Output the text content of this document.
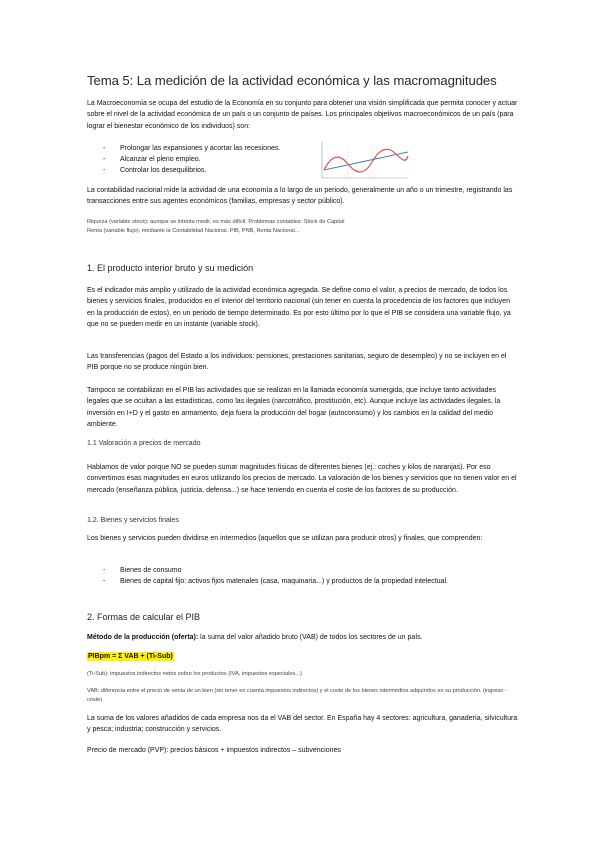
Tema 5: La medición de la actividad económica y las macromagnitudes

La Macroeconomía se ocupa del estudio de la Economía en su conjunto para obtener una visión simplificada que permita conocer y actuar sobre el nivel de la actividad económica de un país o un conjunto de países. Los principales objetivos macroeconómicos de un país (para lograr el bienestar económico de los individuos) son:

- Prolongar las expansiones y acortar las recesiones.
- Alcanzar el pleno empleo.
- Controlar los desequilibrios.

La contabilidad nacional mide la actividad de una economía a lo largo de un periodo, generalmente un año o un trimestre, registrando las transacciones entre sus agentes económicos (familias, empresas y sector público).

Riqueza (variable stock): aunque se intenta medir, es más difícil. Problemas contables: Stock de Capital

Renta (variable flujo): mediante la Contabilidad Nacional. PIB, PNB, Renta Nacional...

1. El producto interior bruto y su medición

Es el indicador más amplio y utilizado de la actividad económica agregada. Se define como el valor, a precios de mercado, de todos los bienes y servicios finales, producidos en el interior del territorio nacional (sin tener en cuenta la procedencia de los factores que incluyen en la producción de estos), en un periodo de tiempo determinado. Es por esto último por lo que el PIB se considera una variable flujo, ya que no se pueden medir en un instante (variable stock).

Las transferencias (pagos del Estado a los individuos: pensiones, prestaciones sanitarias, seguro de desempleo) y no se incluyen en el PIB porque no se produce ningún bien.

Tampoco se contabilizan en el PIB las actividades que se realizan en la llamada economía sumergida, que incluye tanto actividades legales que se ocultan a las estadísticas, como las ilegales (narcotráfico, prostitución, etc). Aunque incluye las actividades ilegales, la inversión en I+D y el gasto en armamento, deja fuera la producción del hogar (autoconsumo) y los cambios en la calidad del medio ambiente.

1.1 Valoración a precios de mercado

Hablamos de valor porque NO se pueden sumar magnitudes físicas de diferentes bienes (ej.: coches y kilos de naranjas). Por eso convertimos esas magnitudes en euros utilizando los precios de mercado. La valoración de los bienes y servicios que no tienen valor en el mercado (enseñanza pública, justicia, defensa...) se hace teniendo en cuenta el coste de los factores de su producción.

1.2. Bienes y servicios finales

Los bienes y servicios pueden dividirse en intermedios (aquellos que se utilizan para producir otros) y finales, que comprenden:

- Bienes de consumo
- Bienes de capital fijo: activos fijos materiales (casa, maquinaria...) y productos de la propiedad intelectual.
2. Formas de calcular el PIB

Método de la producción (oferta): la suma del valor añadido bruto (VAB) de todos los sectores de un país.

PIBpm = Σ VAB + (Ti-Sub)

(Ti-Sub): impuestos indirectos netos sobre los productos (IVA, impuestos especiales...)

VAB: diferencia entre el precio de venta de un bien (sin tener en cuenta impuestos indirectos) y el coste de los bienes intermedios adquiridos en su producción. (ingreso - coste)

La suma de los valores añadidos de cada empresa nos da el VAB del sector. En España hay 4 sectores: agricultura, ganadería, silvicultura y pesca; industria; construcción y servicios.

Precio de mercado (PVP): precios básicos + impuestos indirectos – subvenciones
